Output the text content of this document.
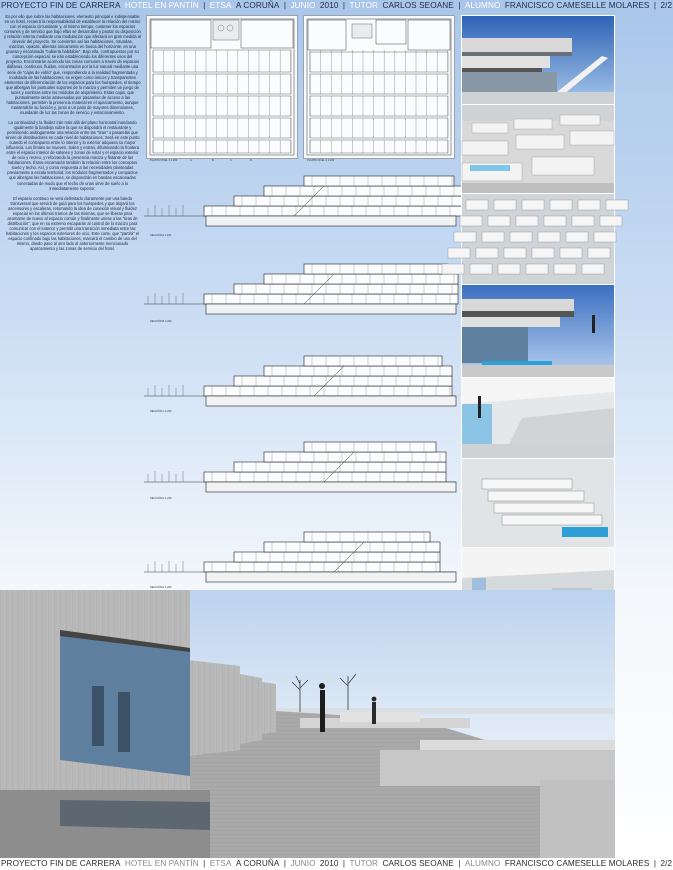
PROYECTO FIN DE CARRERA HOTEL EN PANTÍN | ETSA A CORUÑA | JUNIO 2010 | TUTOR CARLOS SEOANE | ALUMNO FRANCISCO CAMESELLE MOLARES | 2/2

Es por ello que sobre las habitaciones, elemento principal e indispensable en un hotel, recaerá la responsabilidad de establecer la relación del mismo con el espacio circundante y, al mismo tiempo, contener los espacios comunes y de servicio que bajo ellas se desarrollan y pautar su disposición y relación interna mediante una modulación que afectará en gran medida al devenir del proyecto. Se convierten así las habitaciones, rotundas, macizas, opacas, abiertas únicamente en busca del horizonte, en una gruesa y escalonada "cubierta habitable". Bajo ella, contrapuestos por su concepción espacial, se irán estableciendo los diferentes usos del proyecto. Encontrarán acomodo las zonas comunes a través de espacios diáfanos, continuos, fluidos, encontrados por la luz natural mediante una serie de "cajas de vidrio" que, respondiendo a la realidad fragmentada y modulada de las habitaciones, se erigen como únicos y transparentes elementos de diferenciación de los espacios para los huéspedes, el tiempo que albergan los puntuales soportes de lo macizo y permiten un juego de luces y sombras entre los módulos de alojamiento. Estas cajas, que puntualmente serán atravesadas por pasarelas de acceso a las habitaciones, permiten la presencia material en el aparcamiento, aunque mantendrán su función y, junto a un patio de mayores dimensiones, inundarán de luz las zonas de servicio y estacionamiento.

La continuidad y la fluidez irán más allá del plano horizontal inundando igualmente la bandeja sobre la que se dispondrá el restaurante y permitiendo análogamente una relación entre las "tiras" o pasarelas que sirven de distribuidores en cada nivel de habitaciones. Será en este punto cuando el contrapunto entre lo interior y lo exterior adquiera su mayor influencia. Los límites se mueven. Salen y entran, difuminando la frontera entre el espacio interior de salones y zonas de estar y el espacio exterior de ocio y recreo, y reforzando la presencia maciza y flotante de las habitaciones. Éstos encamarán también la relación entre los conceptos suelo y techo. Así, y como respuesta a las necesidades planteadas previamente a escala territorial, los módulos fragmentados y compactos que albergan las habitaciones, se dispondrán en bandas escalonadas conectadas de modo que el techo de unas sirve de suelo a lo inmediatamente superior.

El espacio continuo se verá delimitado claramente por una banda transversal que servirá de guía para los huéspedes y que alojará los ascensores y escaleras, retomando la idea de conexión visual y fluidez espacial en los últimos tramos de las mismas, que se liberan para asomarse de nuevo al espacio común y finalmente unirse a las "tiras de distribución", que en su extremo escaparán al control de lo macizo para comunicar con el exterior y permitir una transición inmediata entre las habitaciones y los espacios exteriores de ocio. Este corte, que "partirá" el espacio confinado bajo las habitaciones, marcará el cambio de uso del mismo, dando paso al otro lado al anteriormente mencionado aparcamiento y las zonas de servicio del hotel.

PLANTA NIVEL 3 1:200	A	B	C	D	PLANTA NIVEL 4 1:200
SECCIÓN A 1:200
SECCIÓN B 1:200
SECCIÓN C 1:200
SECCIÓN D 1:200
SECCIÓN E 1:200
PROYECTO FIN DE CARRERA HOTEL EN PANTÍN | ETSA A CORUÑA | JUNIO 2010 | TUTOR CARLOS SEOANE | ALUMNO FRANCISCO CAMESELLE MOLARES | 2/2
